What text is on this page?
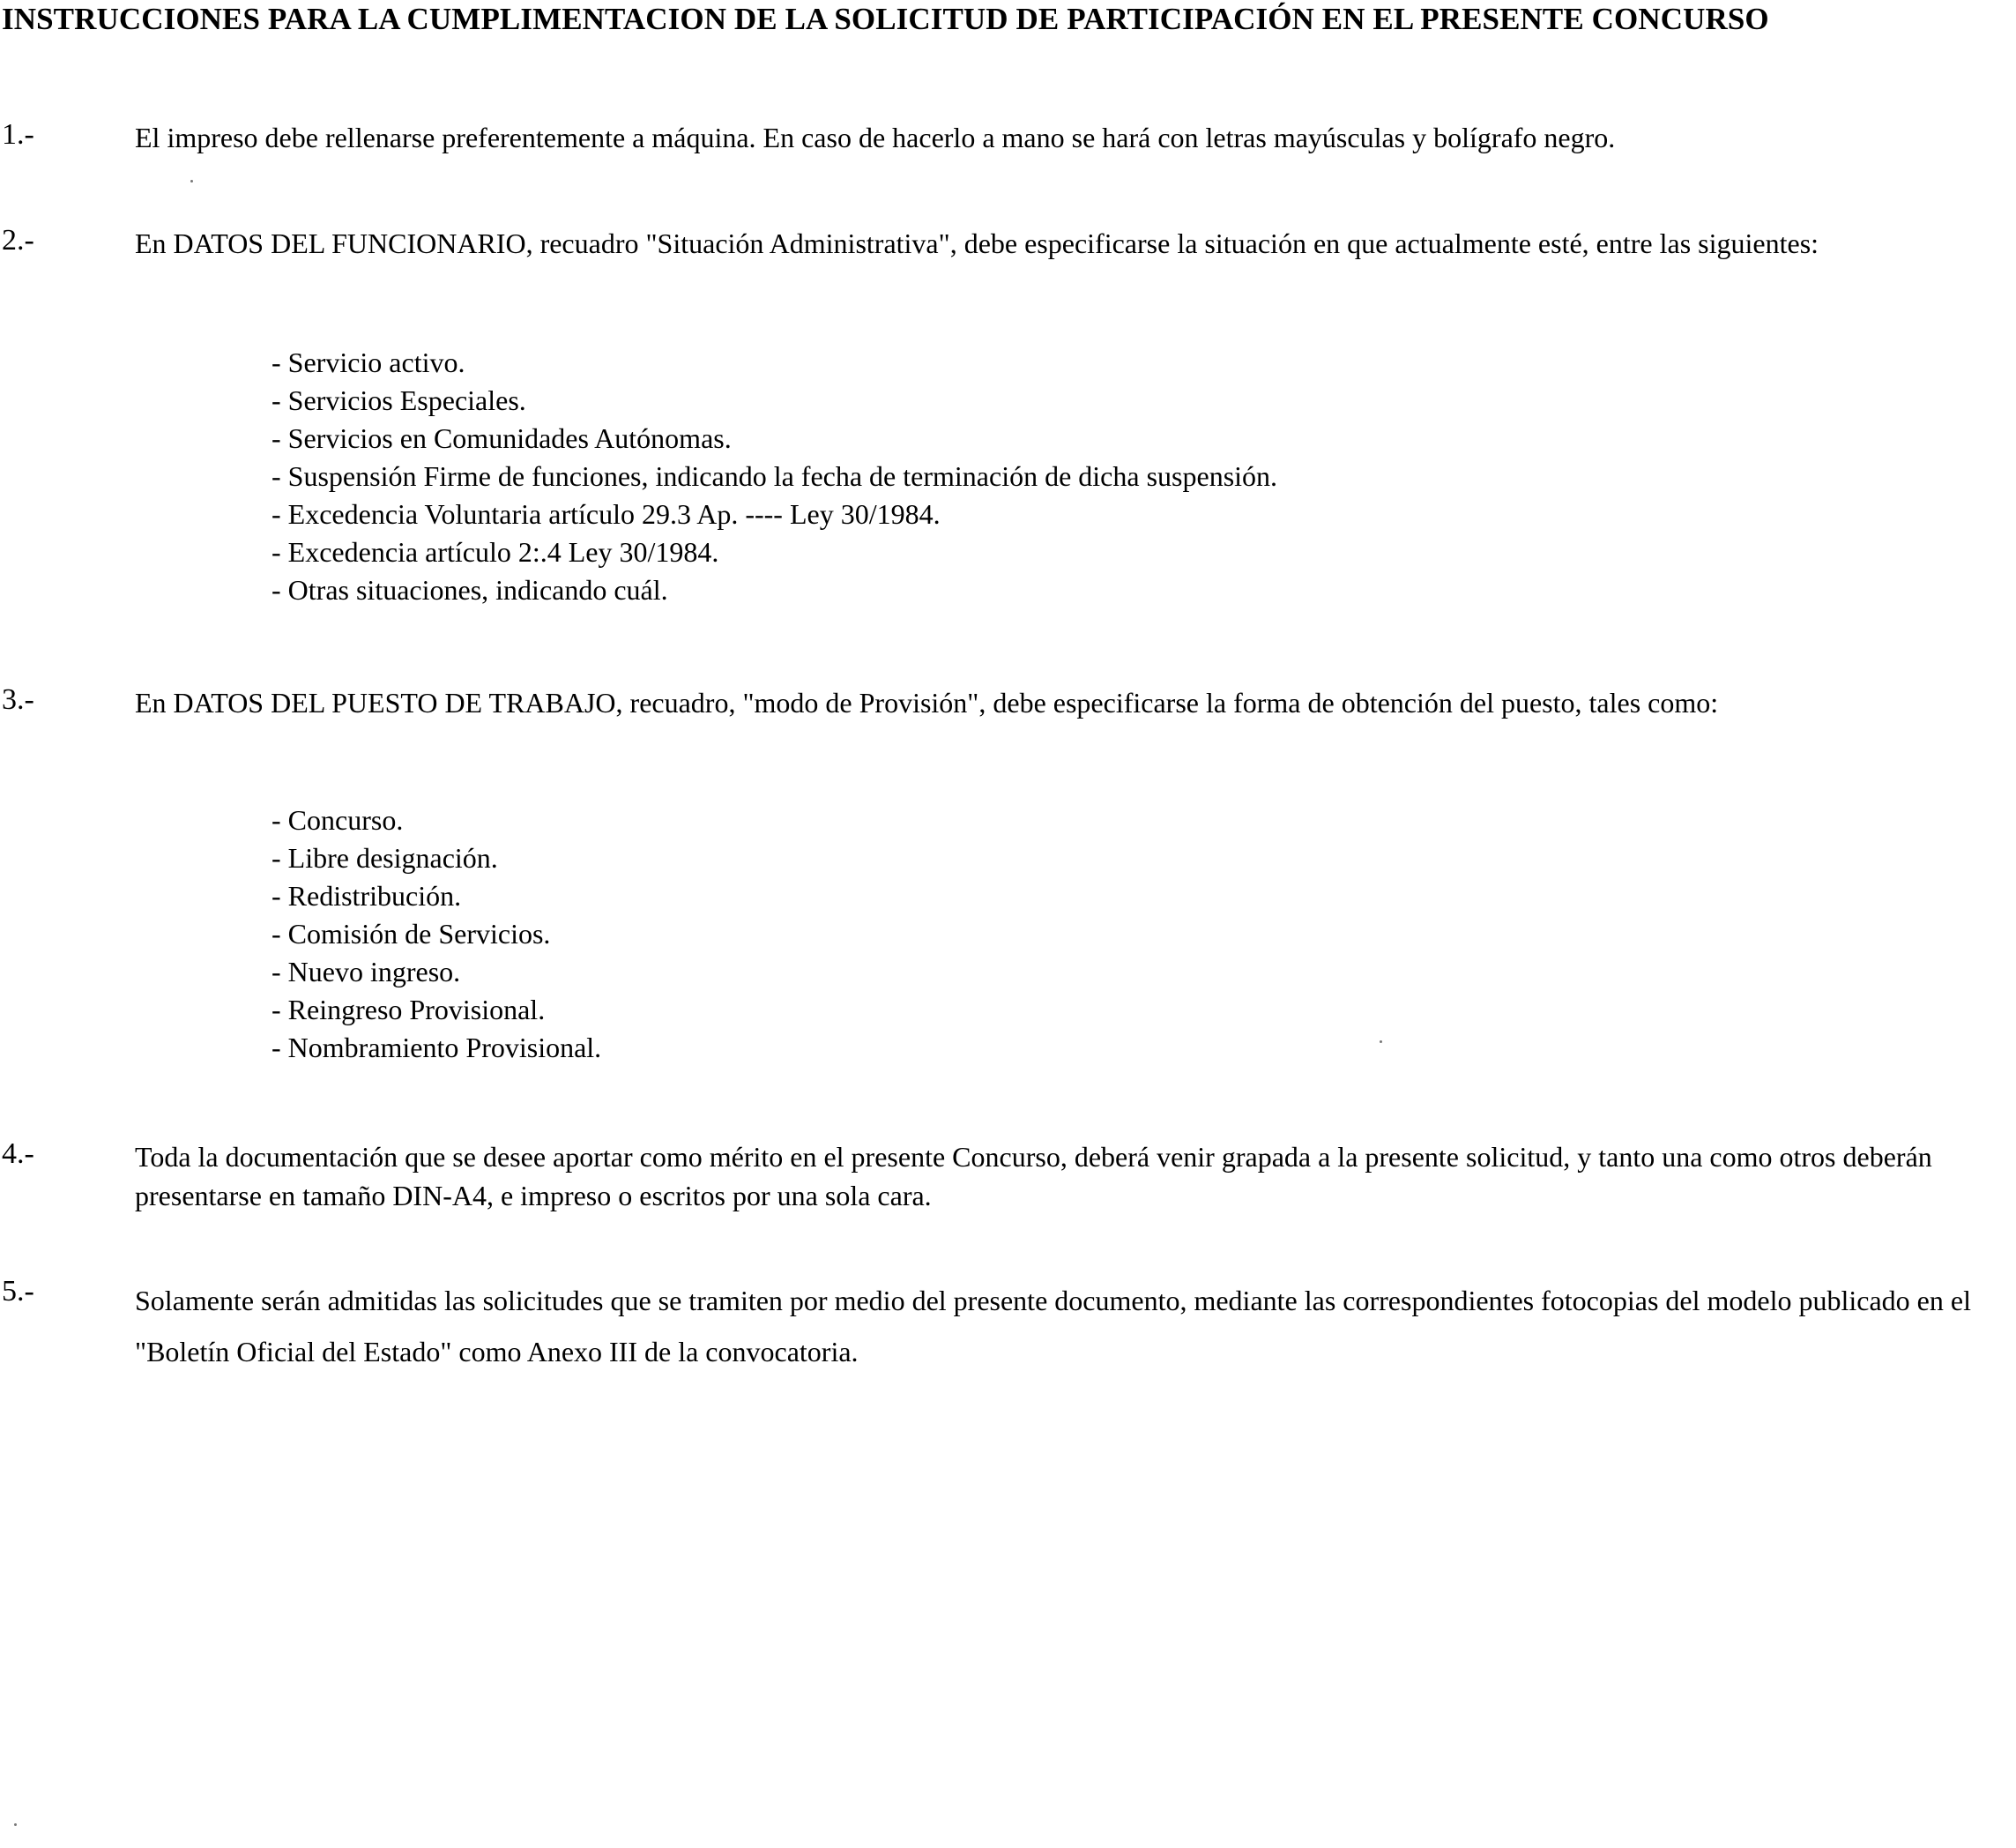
INSTRUCCIONES PARA LA CUMPLIMENTACION DE LA SOLICITUD DE PARTICIPACIÓN EN EL PRESENTE CONCURSO
1.-	El impreso debe rellenarse preferentemente a máquina. En caso de hacerlo a mano se hará con letras mayúsculas y bolígrafo negro.
2.-	En DATOS DEL FUNCIONARIO, recuadro "Situación Administrativa", debe especificarse la situación en que actualmente esté, entre las siguientes:
- Servicio activo.
- Servicios Especiales.
- Servicios en Comunidades Autónomas.
- Suspensión Firme de funciones, indicando la fecha de terminación de dicha suspensión.
- Excedencia Voluntaria artículo 29.3 Ap. ---- Ley 30/1984.
- Excedencia artículo 2:.4 Ley 30/1984.
- Otras situaciones, indicando cuál.
3.-	En DATOS DEL PUESTO DE TRABAJO, recuadro, "modo de Provisión", debe especificarse la forma de obtención del puesto, tales como:
- Concurso.
- Libre designación.
- Redistribución.
- Comisión de Servicios.
- Nuevo ingreso.
- Reingreso Provisional.
- Nombramiento Provisional.
4.-	Toda la documentación que se desee aportar como mérito en el presente Concurso, deberá venir grapada a la presente solicitud, y tanto una como otros deberán presentarse en tamaño DIN-A4, e impreso o escritos por una sola cara.
5.-	Solamente serán admitidas las solicitudes que se tramiten por medio del presente documento, mediante las correspondientes fotocopias del modelo publicado en el "Boletín Oficial del Estado" como Anexo III de la convocatoria.
